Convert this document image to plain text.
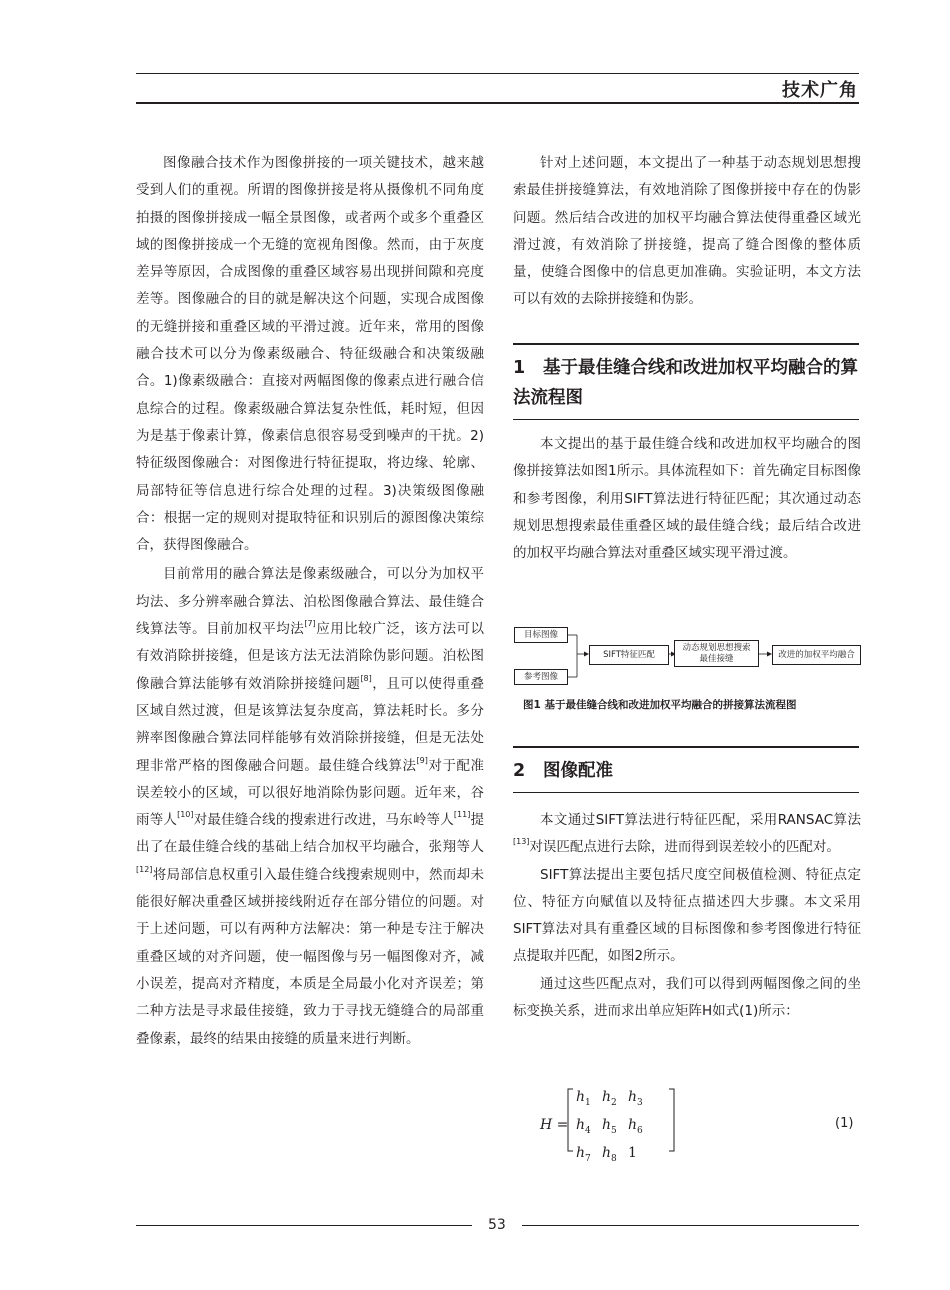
技术广角

图像融合技术作为图像拼接的一项关键技术，越来越受到人们的重视。所谓的图像拼接是将从摄像机不同角度拍摄的图像拼接成一幅全景图像，或者两个或多个重叠区域的图像拼接成一个无缝的宽视角图像。然而，由于灰度差异等原因，合成图像的重叠区域容易出现拼间隙和亮度差等。图像融合的目的就是解决这个问题，实现合成图像的无缝拼接和重叠区域的平滑过渡。近年来，常用的图像融合技术可以分为像素级融合、特征级融合和决策级融合。1)像素级融合：直接对两幅图像的像素点进行融合信息综合的过程。像素级融合算法复杂性低，耗时短，但因为是基于像素计算，像素信息很容易受到噪声的干扰。2)特征级图像融合：对图像进行特征提取，将边缘、轮廓、局部特征等信息进行综合处理的过程。3)决策级图像融合：根据一定的规则对提取特征和识别后的源图像决策综合，获得图像融合。

目前常用的融合算法是像素级融合，可以分为加权平均法、多分辨率融合算法、泊松图像融合算法、最佳缝合线算法等。目前加权平均法[7]应用比较广泛，该方法可以有效消除拼接缝，但是该方法无法消除伪影问题。泊松图像融合算法能够有效消除拼接缝问题[8]，且可以使得重叠区域自然过渡，但是该算法复杂度高，算法耗时长。多分辨率图像融合算法同样能够有效消除拼接缝，但是无法处理非常严格的图像融合问题。最佳缝合线算法[9]对于配准误差较小的区域，可以很好地消除伪影问题。近年来，谷雨等人[10]对最佳缝合线的搜索进行改进，马东岭等人[11]提出了在最佳缝合线的基础上结合加权平均融合，张翔等人[12]将局部信息权重引入最佳缝合线搜索规则中，然而却未能很好解决重叠区域拼接线附近存在部分错位的问题。对于上述问题，可以有两种方法解决：第一种是专注于解决重叠区域的对齐问题，使一幅图像与另一幅图像对齐，减小误差，提高对齐精度，本质是全局最小化对齐误差；第二种方法是寻求最佳接缝，致力于寻找无缝缝合的局部重叠像素，最终的结果由接缝的质量来进行判断。

针对上述问题，本文提出了一种基于动态规划思想搜索最佳拼接缝算法，有效地消除了图像拼接中存在的伪影问题。然后结合改进的加权平均融合算法使得重叠区域光滑过渡，有效消除了拼接缝，提高了缝合图像的整体质量，使缝合图像中的信息更加准确。实验证明，本文方法可以有效的去除拼接缝和伪影。

1 基于最佳缝合线和改进加权平均融合的算法流程图

本文提出的基于最佳缝合线和改进加权平均融合的图像拼接算法如图1所示。具体流程如下：首先确定目标图像和参考图像，利用SIFT算法进行特征匹配；其次通过动态规划思想搜索最佳重叠区域的最佳缝合线；最后结合改进的加权平均融合算法对重叠区域实现平滑过渡。

目标图像
参考图像
SIFT特征匹配
动态规划思想搜索最佳接缝	改进的加权平均融合
图1 基于最佳缝合线和改进加权平均融合的拼接算法流程图
2 图像配准

本文通过SIFT算法进行特征匹配，采用RANSAC算法[13]对误匹配点进行去除，进而得到误差较小的匹配对。

SIFT算法提出主要包括尺度空间极值检测、特征点定位、特征方向赋值以及特征点描述四大步骤。本文采用SIFT算法对具有重叠区域的目标图像和参考图像进行特征点提取并匹配，如图2所示。

通过这些匹配点对，我们可以得到两幅图像之间的坐标变换关系，进而求出单应矩阵H如式(1)所示：

H =
$h_1$ $h_2$ $h_3$
$h_4$ $h_5$ $h_6$
$h_7$ $h_8$ 1
(1)
53
